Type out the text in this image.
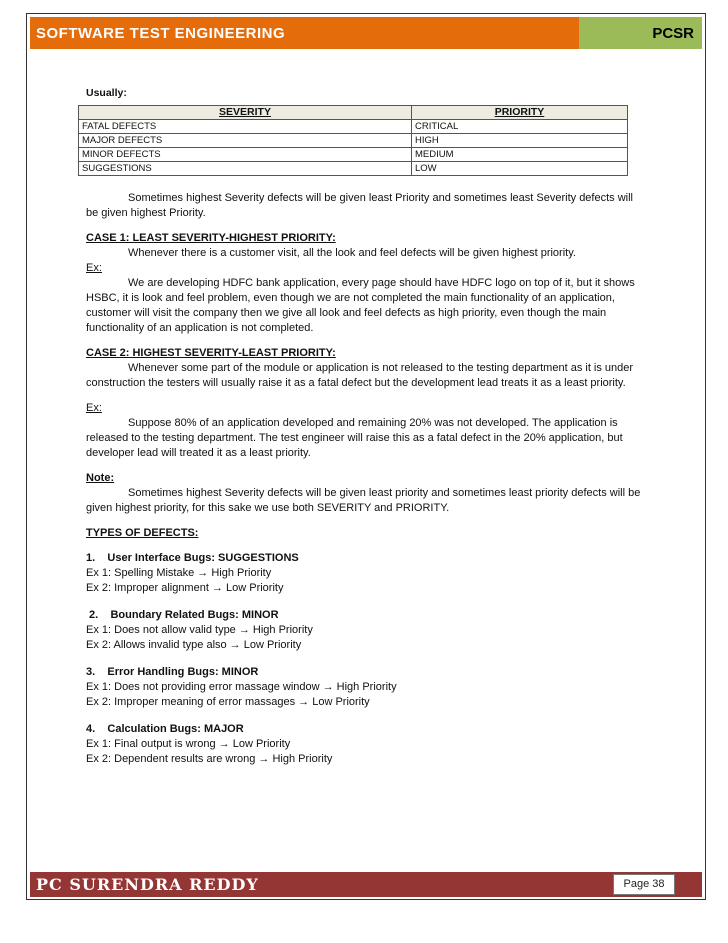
SOFTWARE TEST ENGINEERING	PCSR

Usually:

SEVERITY	PRIORITY
FATAL DEFECTS	CRITICAL
MAJOR DEFECTS	HIGH
MINOR DEFECTS	MEDIUM
SUGGESTIONS	LOW

Sometimes highest Severity defects will be given least Priority and sometimes least Severity defects will be given highest Priority.

CASE 1: LEAST SEVERITY-HIGHEST PRIORITY:

Whenever there is a customer visit, all the look and feel defects will be given highest priority.

Ex:

We are developing HDFC bank application, every page should have HDFC logo on top of it, but it shows HSBC, it is look and feel problem, even though we are not completed the main functionality of an application, customer will visit the company then we give all look and feel defects as high priority, even though the main functionality of an application is not completed.

CASE 2: HIGHEST SEVERITY-LEAST PRIORITY:

Whenever some part of the module or application is not released to the testing department as it is under construction the testers will usually raise it as a fatal defect but the development lead treats it as a least priority.

Ex:

Suppose 80% of an application developed and remaining 20% was not developed. The application is released to the testing department. The test engineer will raise this as a fatal defect in the 20% application, but developer lead will treated it as a least priority.

Note:

Sometimes highest Severity defects will be given least priority and sometimes least priority defects will be given highest priority, for this sake we use both SEVERITY and PRIORITY.

TYPES OF DEFECTS:

1.    User Interface Bugs: SUGGESTIONS

Ex 1: Spelling Mistake → High Priority

Ex 2: Improper alignment → Low Priority

2.    Boundary Related Bugs: MINOR

Ex 1: Does not allow valid type → High Priority

Ex 2: Allows invalid type also → Low Priority

3.    Error Handling Bugs: MINOR

Ex 1: Does not providing error massage window → High Priority

Ex 2: Improper meaning of error massages → Low Priority

4.    Calculation Bugs: MAJOR

Ex 1: Final output is wrong → Low Priority

Ex 2: Dependent results are wrong → High Priority

PC SURENDRA REDDY	Page 38
